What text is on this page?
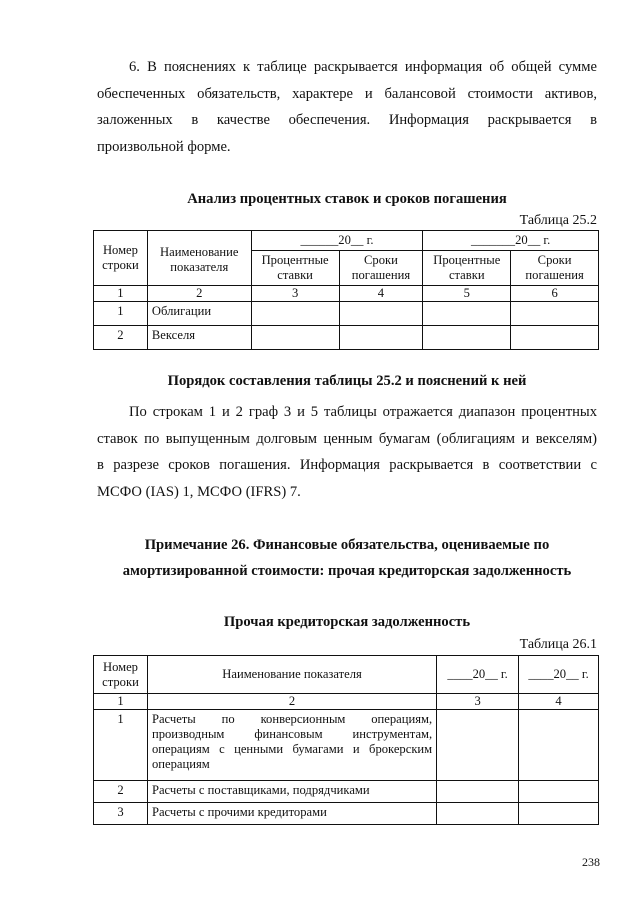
6. В пояснениях к таблице раскрывается информация об общей сумме
обеспеченных обязательств, характере и балансовой стоимости активов,
заложенных в качестве обеспечения. Информация раскрывается в
произвольной форме.
Анализ процентных ставок и сроков погашения
Таблица 25.2
Номер строки	Наименование показателя	______20__ г.		_______20__ г.	
		Процентные ставки	Сроки погашения	Процентные ставки	Сроки погашения
1	2	3	4	5	6
1	Облигации				
2	Векселя				
Порядок составления таблицы 25.2 и пояснений к ней
По строкам 1 и 2 граф 3 и 5 таблицы отражается диапазон процентных
ставок по выпущенным долговым ценным бумагам (облигациям и векселям)
в разрезе сроков погашения. Информация раскрывается в соответствии с
МСФО (IAS) 1, МСФО (IFRS) 7.
Примечание 26. Финансовые обязательства, оцениваемые по
амортизированной стоимости: прочая кредиторская задолженность
Прочая кредиторская задолженность
Таблица 26.1
Номер строки	Наименование показателя	____20__ г.	____20__ г.
1	2	3	4
1	Расчеты по конверсионным операциям, производным финансовым инструментам, операциям с ценными бумагами и брокерским операциям		
2	Расчеты с поставщиками, подрядчиками		
3	Расчеты с прочими кредиторами		
238
